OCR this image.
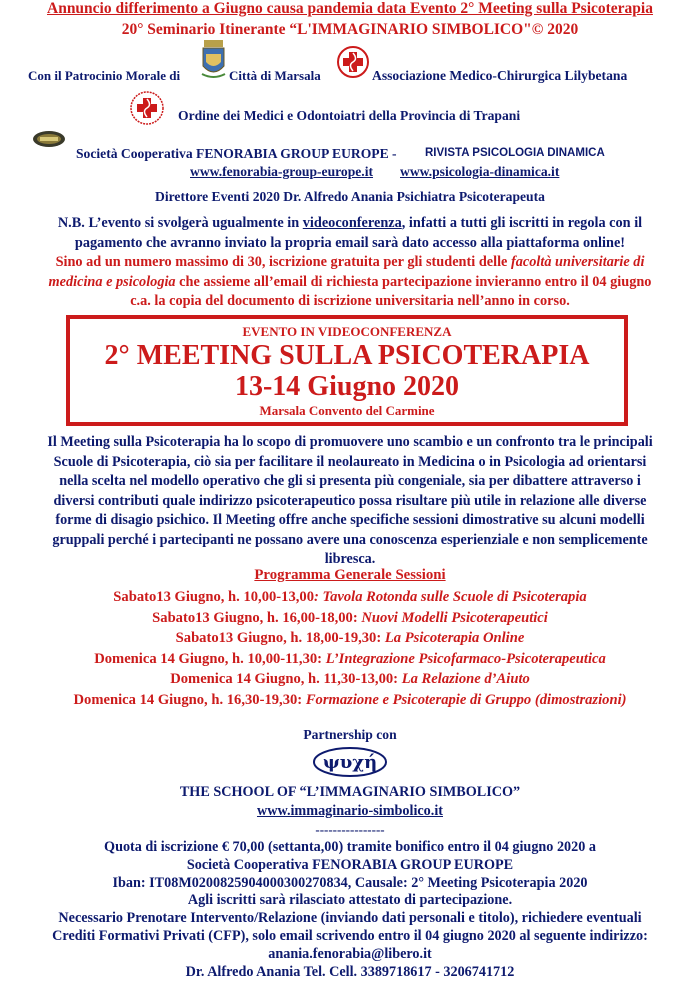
Annuncio differimento a Giugno causa pandemia data Evento 2° Meeting sulla Psicoterapia
20° Seminario Itinerante “L'IMMAGINARIO SIMBOLICO"© 2020
Con il Patrocinio Morale di	Città di Marsala	Associazione Medico-Chirurgica Lilybetana
Ordine dei Medici e Odontoiatri della Provincia di Trapani
Società Cooperativa FENORABIA GROUP EUROPE - RIVISTA PSICOLOGIA DINAMICA
www.fenorabia-group-europe.it www.psicologia-dinamica.it
Direttore Eventi 2020 Dr. Alfredo Anania Psichiatra Psicoterapeuta
N.B. L’evento si svolgerà ugualmente in videoconferenza, infatti a tutti gli iscritti in regola con il
pagamento che avranno inviato la propria email sarà dato accesso alla piattaforma online!
Sino ad un numero massimo di 30, iscrizione gratuita per gli studenti delle facoltà universitarie di
medicina e psicologia che assieme all’email di richiesta partecipazione invieranno entro il 04 giugno
c.a. la copia del documento di iscrizione universitaria nell’anno in corso.
EVENTO IN VIDEOCONFERENZA
2° MEETING SULLA PSICOTERAPIA
13-14 Giugno 2020
Marsala Convento del Carmine
Il Meeting sulla Psicoterapia ha lo scopo di promuovere uno scambio e un confronto tra le principali
Scuole di Psicoterapia, ciò sia per facilitare il neolaureato in Medicina o in Psicologia ad orientarsi
nella scelta nel modello operativo che gli si presenta più congeniale, sia per dibattere attraverso i
diversi contributi quale indirizzo psicoterapeutico possa risultare più utile in relazione alle diverse
forme di disagio psichico. Il Meeting offre anche specifiche sessioni dimostrative su alcuni modelli
gruppali perché i partecipanti ne possano avere una conoscenza esperienziale e non semplicemente
libresca.
Programma Generale Sessioni
Sabato13 Giugno, h. 10,00-13,00: Tavola Rotonda sulle Scuole di Psicoterapia
Sabato13 Giugno, h. 16,00-18,00: Nuovi Modelli Psicoterapeutici
Sabato13 Giugno, h. 18,00-19,30: La Psicoterapia Online
Domenica 14 Giugno, h. 10,00-11,30: L’Integrazione Psicofarmaco-Psicoterapeutica
Domenica 14 Giugno, h. 11,30-13,00: La Relazione d’Aiuto
Domenica 14 Giugno, h. 16,30-19,30: Formazione e Psicoterapie di Gruppo (dimostrazioni)
Partnership con
ψυχή
THE SCHOOL OF “L’IMMAGINARIO SIMBOLICO”
www.immaginario-simbolico.it
----------------
Quota di iscrizione € 70,00 (settanta,00) tramite bonifico entro il 04 giugno 2020 a
Società Cooperativa FENORABIA GROUP EUROPE
Iban: IT08M0200825904000300270834, Causale: 2° Meeting Psicoterapia 2020
Agli iscritti sarà rilasciato attestato di partecipazione.
Necessario Prenotare Intervento/Relazione (inviando dati personali e titolo), richiedere eventuali
Crediti Formativi Privati (CFP), solo email scrivendo entro il 04 giugno 2020 al seguente indirizzo:
anania.fenorabia@libero.it
Dr. Alfredo Anania Tel. Cell. 3389718617 - 3206741712
